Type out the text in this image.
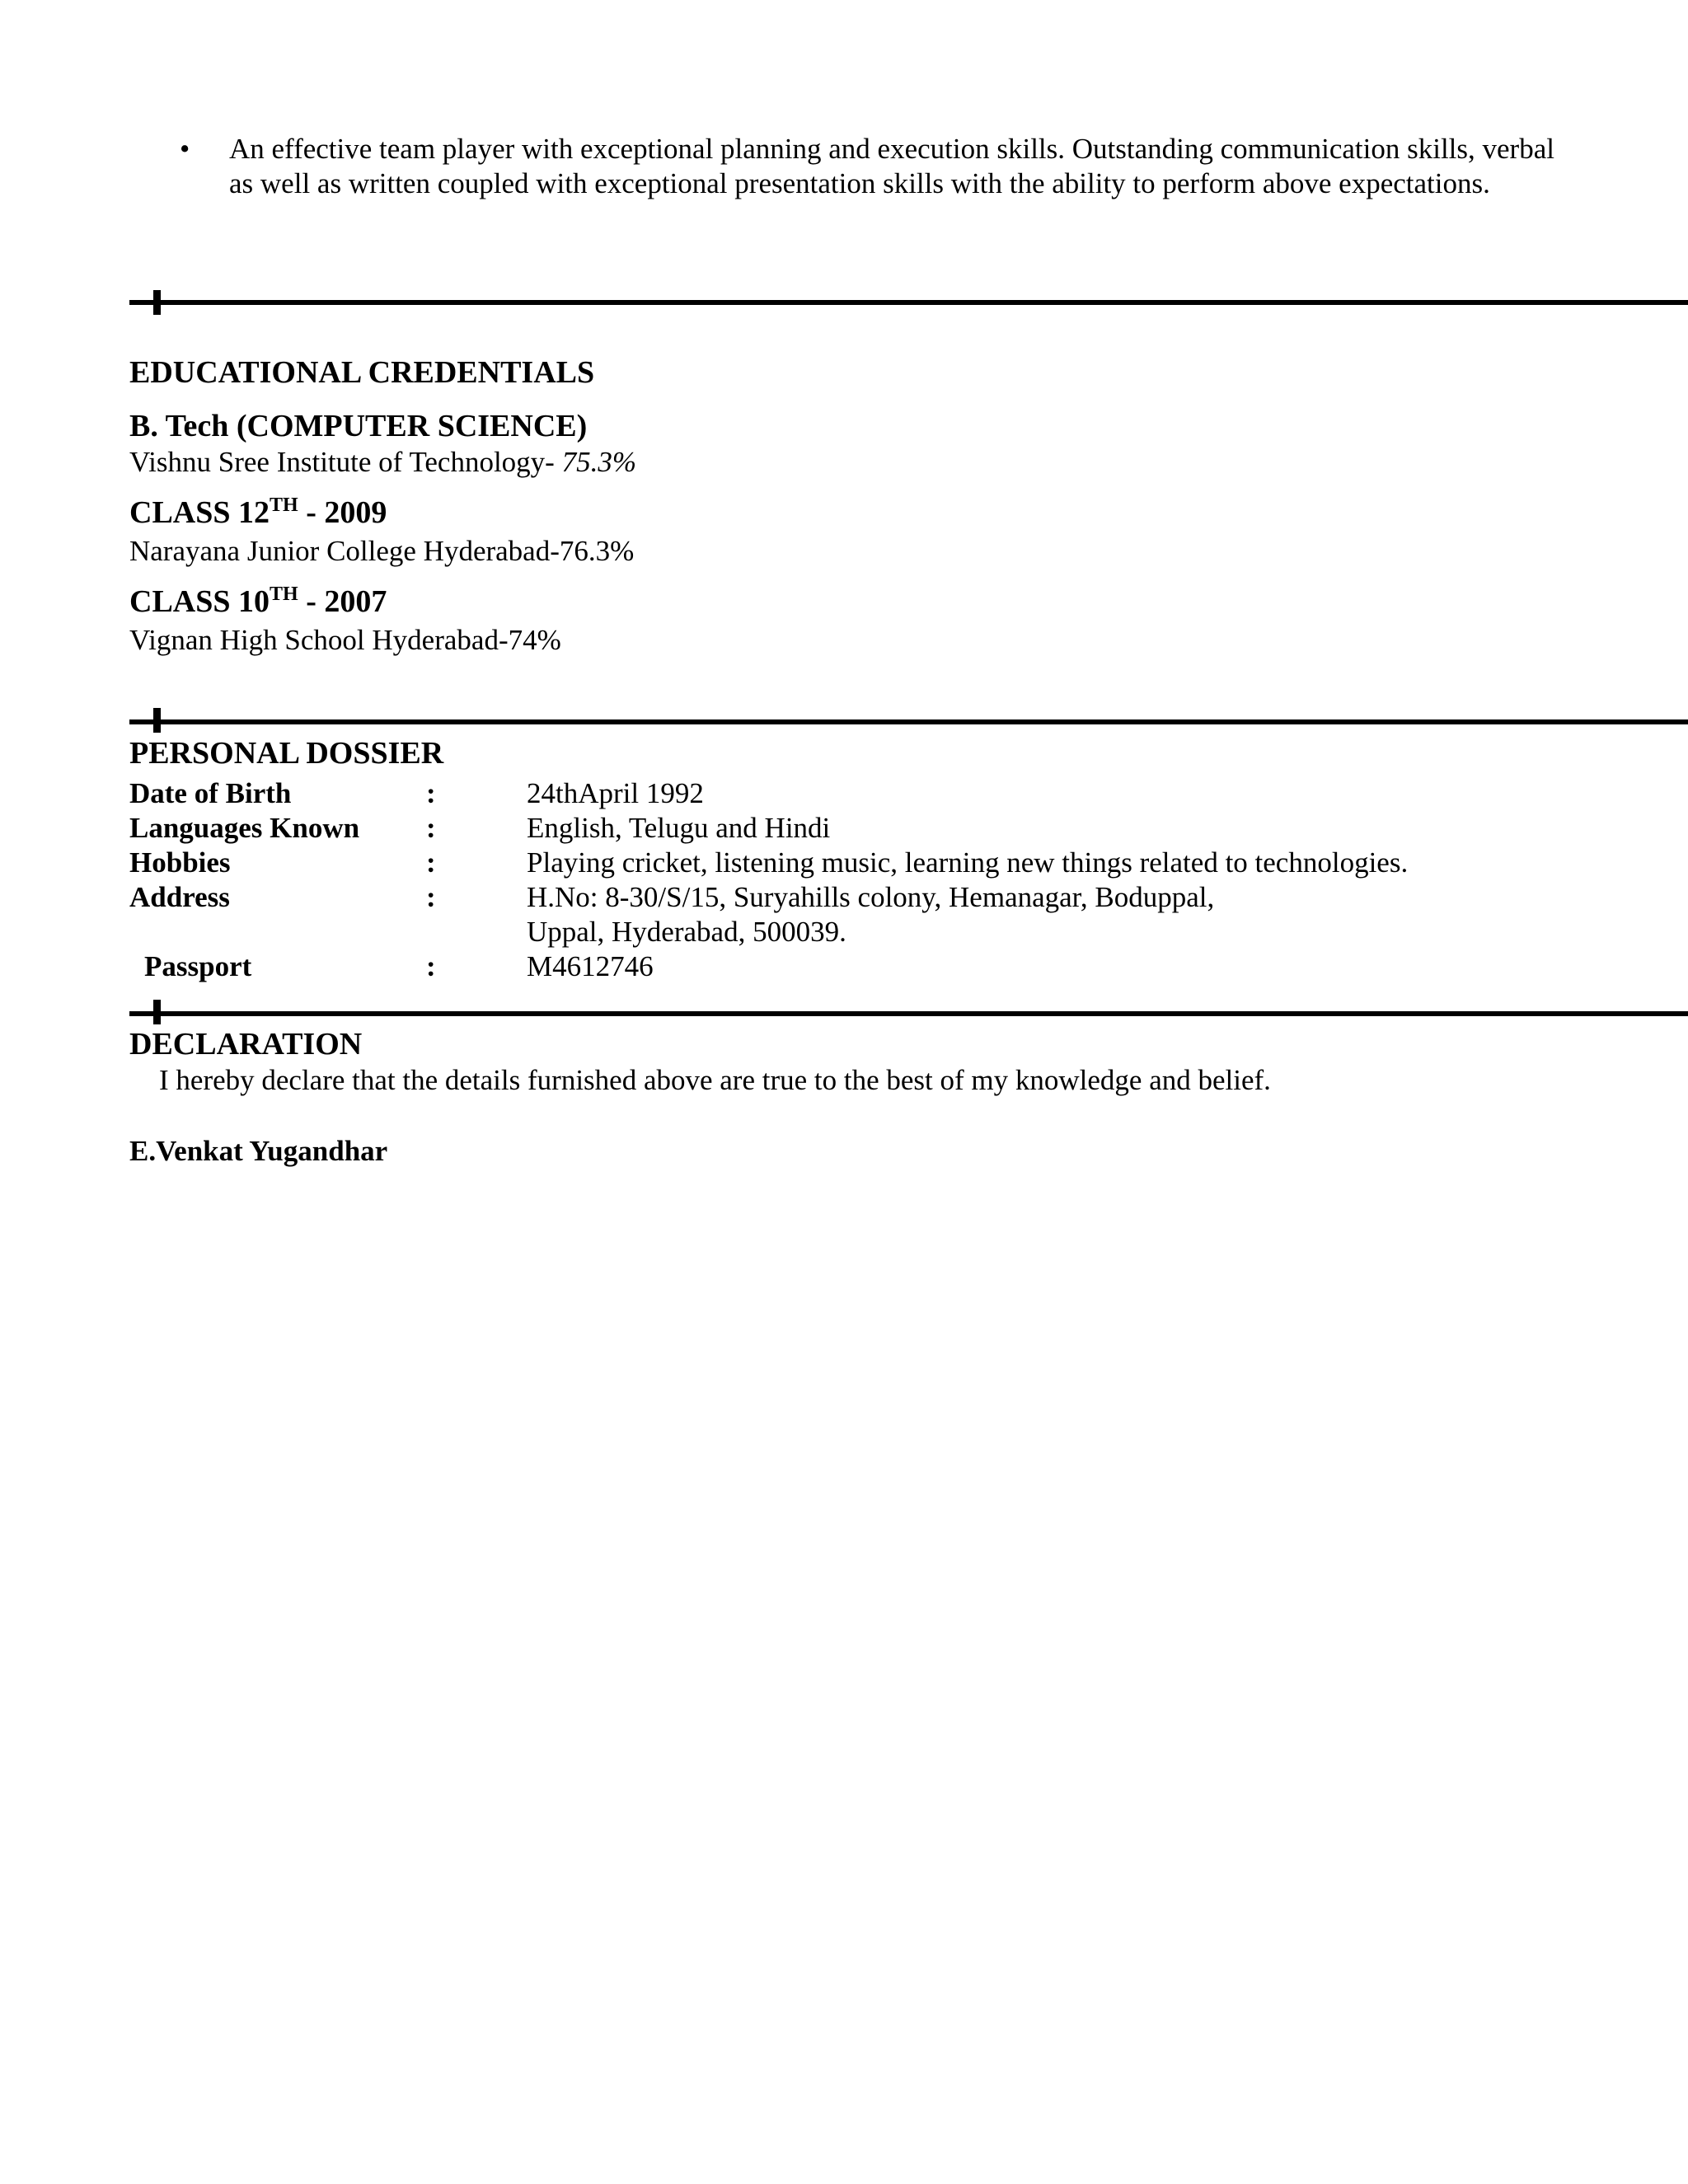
•	An effective team player with exceptional planning and execution skills. Outstanding communication skills, verbal as well as written coupled with exceptional presentation skills with the ability to perform above expectations.
EDUCATIONAL CREDENTIALS
B. Tech (COMPUTER SCIENCE)
Vishnu Sree Institute of Technology- 75.3%
CLASS 12TH - 2009
Narayana Junior College Hyderabad-76.3%
CLASS 10TH - 2007
Vignan High School Hyderabad-74%
PERSONAL DOSSIER
Date of Birth	:	24thApril 1992
Languages Known :	English, Telugu and Hindi
Hobbies	:	Playing cricket, listening music, learning new things related to technologies.
Address	:	H.No: 8-30/S/15, Suryahills colony, Hemanagar, Boduppal,
Uppal, Hyderabad, 500039.
Passport	:	M4612746
DECLARATION
I hereby declare that the details furnished above are true to the best of my knowledge and belief.
E.Venkat Yugandhar
